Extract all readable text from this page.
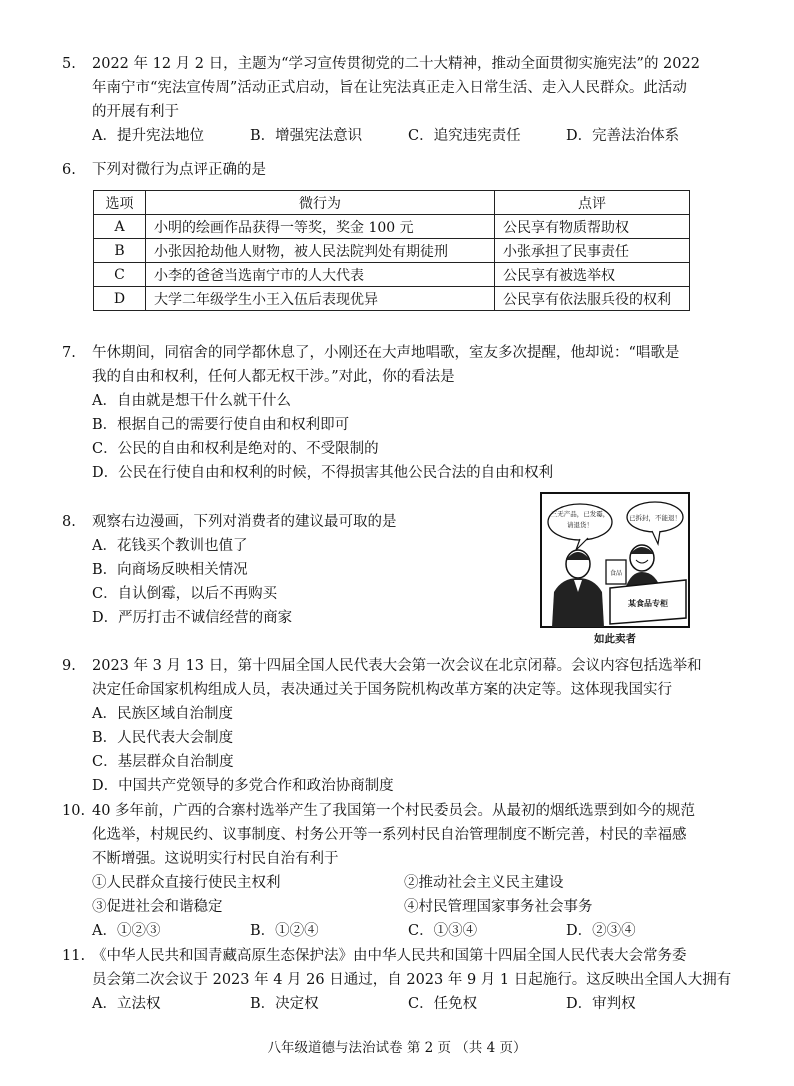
5. 2022 年 12 月 2 日，主题为“学习宣传贯彻党的二十大精神，推动全面贯彻实施宪法”的 2022
年南宁市“宪法宣传周”活动正式启动，旨在让宪法真正走入日常生活、走入人民群众。此活动
的开展有利于
A．提升宪法地位	B．增强宪法意识	C．追究违宪责任	D．完善法治体系
6. 下列对微行为点评正确的是
选项	微行为	点评
A	小明的绘画作品获得一等奖，奖金 100 元	公民享有物质帮助权
B	小张因抢劫他人财物，被人民法院判处有期徒刑	小张承担了民事责任
C	小李的爸爸当选南宁市的人大代表	公民享有被选举权
D	大学二年级学生小王入伍后表现优异	公民享有依法服兵役的权利
7. 午休期间，同宿舍的同学都休息了，小刚还在大声地唱歌，室友多次提醒，他却说：“唱歌是
我的自由和权利，任何人都无权干涉。”对此，你的看法是
A．自由就是想干什么就干什么
B．根据自己的需要行使自由和权利即可
C．公民的自由和权利是绝对的、不受限制的
D．公民在行使自由和权利的时候，不得损害其他公民合法的自由和权利
8. 观察右边漫画，下列对消费者的建议最可取的是
A．花钱买个教训也值了
B．向商场反映相关情况
C．自认倒霉，以后不再购买
D．严厉打击不诚信经营的商家
三无产品，已发霉，
请退货！
已拆封，不能退！
食品
某食品专柜
如此卖者
9. 2023 年 3 月 13 日，第十四届全国人民代表大会第一次会议在北京闭幕。会议内容包括选举和
决定任命国家机构组成人员，表决通过关于国务院机构改革方案的决定等。这体现我国实行
A．民族区域自治制度
B．人民代表大会制度
C．基层群众自治制度
D．中国共产党领导的多党合作和政治协商制度
10. 40 多年前，广西的合寨村选举产生了我国第一个村民委员会。从最初的烟纸选票到如今的规范
化选举，村规民约、议事制度、村务公开等一系列村民自治管理制度不断完善，村民的幸福感
不断增强。这说明实行村民自治有利于
①人民群众直接行使民主权利	②推动社会主义民主建设
③促进社会和谐稳定	④村民管理国家事务社会事务
A．①②③	B．①②④	C．①③④	D．②③④
11. 《中华人民共和国青藏高原生态保护法》由中华人民共和国第十四届全国人民代表大会常务委
员会第二次会议于 2023 年 4 月 26 日通过，自 2023 年 9 月 1 日起施行。这反映出全国人大拥有
A．立法权	B．决定权	C．任免权	D．审判权
八年级道德与法治试卷 第 2 页 （共 4 页）
